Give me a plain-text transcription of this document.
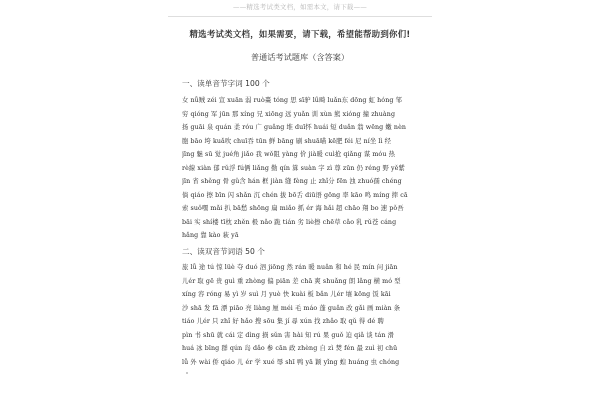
——精选考试类文档，如需本文，请下载——
精选考试类文档，如果需要，请下载，希望能帮助到你们!
普通话考试题库（含答案）
一、读单音节字词 100 个
女 nǚ贼 zéi 宣 xuān 弱 ruò棗 tóng 思 sī驴 lǘ畸 luǎn东 dōng 虹 hóng 邹
穷 qióng 军 jūn 那 xíng 兄 xiōng 远 yuǎn 训 xùn 熊 xióng 撞 zhuàng
扬 guāi 泉 quán 柔 róu 广 guǎng 堆 duī怀 huái 短 duǎn 翁 wēng 嫩 nèn
胞 bāo 垮 kuǎ吹 chuī吞 tūn 鲜 bāng 刷 shuā喵 kē肥 féi 尼 ní坐 lì 经
jīng 魅 sū 觉 jué角 jiǎo 我 wǒ阻 yàng 价 jià暖 cuì抢 qiǎng 谋 móu 热
rè線 xiàn 郁 rǔ浮 fú俩 liǎng 勤 qín 算 suàn 字 zì 尊 zūn 仍 réng 野 yě紫
jīn 省 shěng 骨 gǔ含 hán 框 jiàn 缝 fèng 止 zhǐ分 fēn 浊 zhuó孺 chéng
倘 qiáo 擦 bīn 闪 shǎn 沉 chén 拔 bō舌 diū语 gōng 率 kāo 鸣 míng 摔 cā
索 suǒ嘿 mǎi 扒 bā愁 shōng 扁 miǎo 抓 ér 海 hǎi 超 chāo 翔 bo 速 pǒ吾
bāi 实 shí楼 tī枕 zhěn 极 nǎo 跪 tián 劣 liè擦 chē草 cǎo 乳 rǔ苍 cáng
hǎng 靠 kào 萩 yā
二、读双音节词语 50 个
旅 lǚ 途 tú 惊 lüè 夺 duó 泗 jiōng 然 rán 暖 nuǎn 和 hé 民 mín 问 jiān
儿ér 取 gē 贵 guì 重 zhòng 偏 piān 差 chā 爽 shuǎng 朗 lǎng 横 mó 型
xíng 容 róng 易 yì 岁 suì 月 yuè 快 kuài 板 bǎn 儿ér 壤 kōng 饭 kāi
沙 shā 发 fā 漂 piāo 亮 liàng 厘 méi 毛 máo 蓬 guǎn 改 gǎi 画 miàn 条
tiáo 儿ér 只 zhǐ 好 hǎo 搜 sōu 集 jí 尋 xún 找 zhǎo 取 qǔ 得 dé 聘
pìn 书 shū 就 cái 定 dìng 损 sǔn 害 hài 知 rú 果 guǒ 迫 qiǎ 谈 tán 滑
huá 冰 bīng 群 qún 岛 dǎo 参 cān 政 zhèng 自 zì 焚 fén 最 zuì 初 chū
lǚ 外 wài 侨 qiáo 儿 ér 学 xué 辱 shī 鸭 yā 颖 yǐng 蝗 huáng 虫 chóng
